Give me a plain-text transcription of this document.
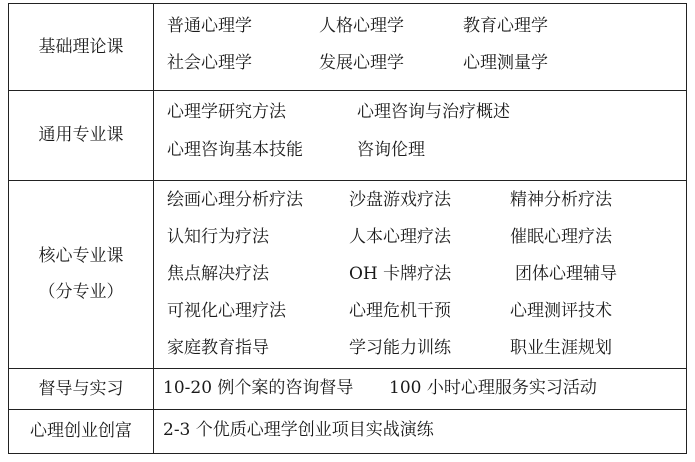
基础理论课
普通心理学	人格心理学	教育心理学
社会心理学	发展心理学	心理测量学
通用专业课
心理学研究方法	心理咨询与治疗概述
心理咨询基本技能	咨询伦理
核心专业课
（分专业）
绘画心理分析疗法	沙盘游戏疗法	精神分析疗法
认知行为疗法	人本心理疗法	催眠心理疗法
焦点解决疗法	OH 卡牌疗法	团体心理辅导
可视化心理疗法	心理危机干预	心理测评技术
家庭教育指导	学习能力训练	职业生涯规划
督导与实习 10-20 例个案的咨询督导 100 小时心理服务实习活动
心理创业创富 2-3 个优质心理学创业项目实战演练
